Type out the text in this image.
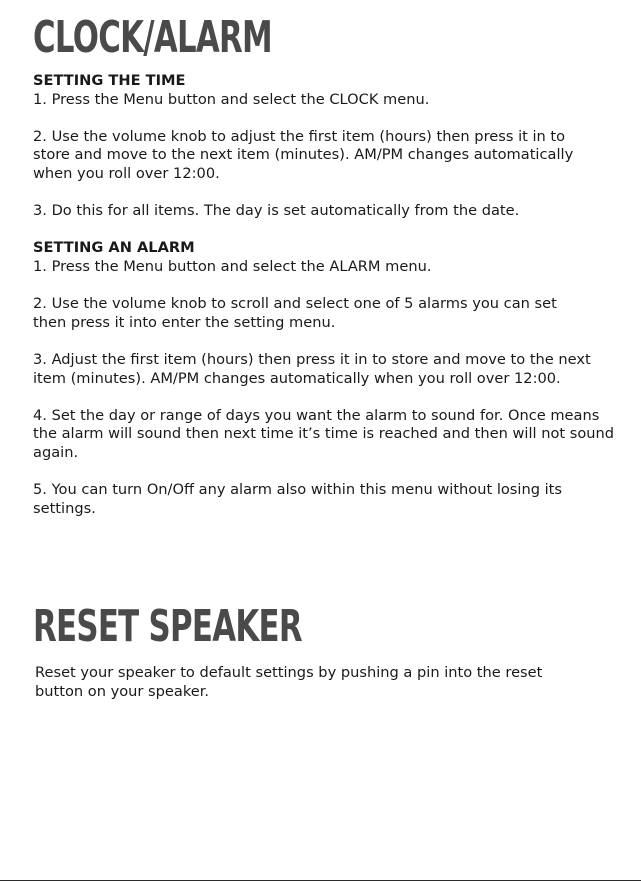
CLOCK/ALARM

SETTING THE TIME

1. Press the Menu button and select the CLOCK menu.

2. Use the volume knob to adjust the first item (hours) then press it in to store and move to the next item (minutes). AM/PM changes automatically when you roll over 12:00.

3. Do this for all items. The day is set automatically from the date.

SETTING AN ALARM

1. Press the Menu button and select the ALARM menu.

2. Use the volume knob to scroll and select one of 5 alarms you can set then press it into enter the setting menu.

3. Adjust the first item (hours) then press it in to store and move to the next item (minutes). AM/PM changes automatically when you roll over 12:00.

4. Set the day or range of days you want the alarm to sound for. Once means the alarm will sound then next time it’s time is reached and then will not sound again.

5. You can turn On/Off any alarm also within this menu without losing its settings.

RESET SPEAKER

Reset your speaker to default settings by pushing a pin into the reset button on your speaker.
